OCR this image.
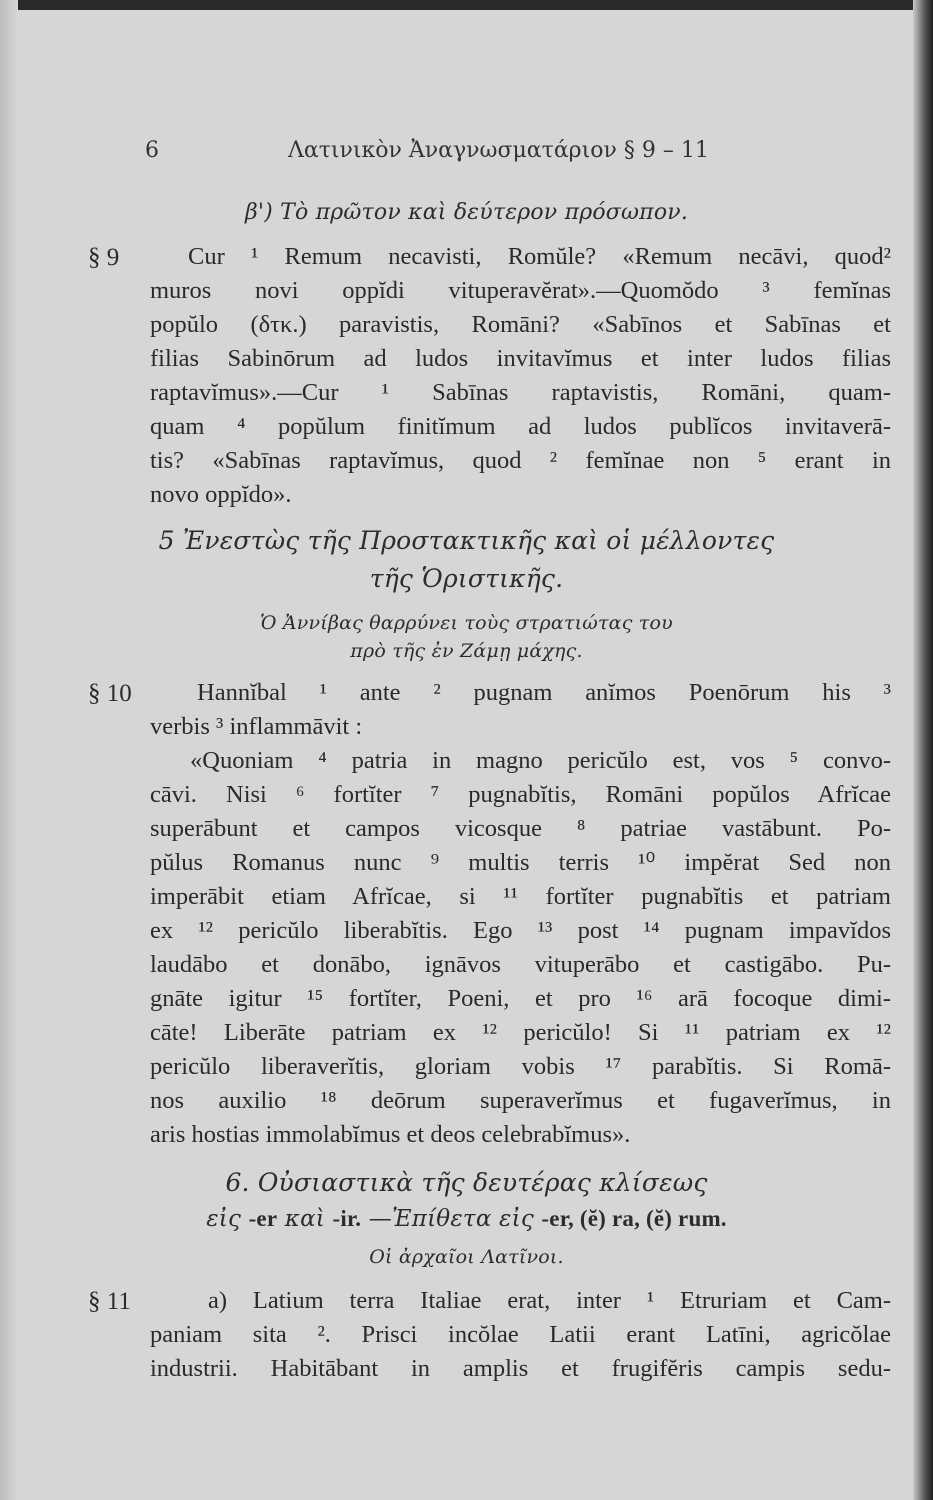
6	Λατινικὸν Ἀναγνωσματάριον § 9 – 11
β') Τὸ πρῶτον καὶ δεύτερον πρόσωπον.
§ 9	Cur ¹ Remum necavisti, Romŭle? «Remum necāvi, quod²
muros novi oppĭdi vituperavĕrat».—Quomŏdo ³ femĭnas
popŭlo (δτκ.) paravistis, Romāni? «Sabīnos et Sabīnas et
filias Sabinōrum ad ludos invitavĭmus et inter ludos filias
raptavĭmus».—Cur ¹ Sabīnas raptavistis, Romāni, quam-
quam ⁴ popŭlum finitĭmum ad ludos publĭcos invitaverā-
tis? «Sabīnas raptavĭmus, quod ² femĭnae non ⁵ erant in
novo oppĭdo».
5 Ἐνεστὼς τῆς Προστακτικῆς καὶ οἱ μέλλοντες
τῆς Ὁριστικῆς.
Ὁ Ἀννίβας θαρρύνει τοὺς στρατιώτας του
πρὸ τῆς ἐν Ζάμῃ μάχης.
§ 10	Hannĭbal ¹ ante ² pugnam anĭmos Poenōrum his ³
verbis ³ inflammāvit :
«Quoniam ⁴ patria in magno pericŭlo est, vos ⁵ convo-
cāvi. Nisi ⁶ fortĭter ⁷ pugnabĭtis, Romāni popŭlos Afrĭcae
superābunt et campos vicosque ⁸ patriae vastābunt. Po-
pŭlus Romanus nunc ⁹ multis terris ¹⁰ impĕrat Sed non
imperābit etiam Afrĭcae, si ¹¹ fortĭter pugnabĭtis et patriam
ex ¹² pericŭlo liberabĭtis. Ego ¹³ post ¹⁴ pugnam impavĭdos
laudābo et donābo, ignāvos vituperābo et castigābo. Pu-
gnāte igitur ¹⁵ fortĭter, Poeni, et pro ¹⁶ arā focoque dimi-
cāte! Liberāte patriam ex ¹² pericŭlo! Si ¹¹ patriam ex ¹²
pericŭlo liberaverĭtis, gloriam vobis ¹⁷ parabĭtis. Si Romā-
nos auxilio ¹⁸ deōrum superaverĭmus et fugaverĭmus, in
aris hostias immolabĭmus et deos celebrabĭmus».
6. Οὐσιαστικὰ τῆς δευτέρας κλίσεως
εἰς -er καὶ -ir. —Ἐπίθετα εἰς -er, (ĕ) ra, (ĕ) rum.
Οἱ ἀρχαῖοι Λατῖνοι.
§ 11	a) Latium terra Italiae erat, inter ¹ Etruriam et Cam-
paniam sita ². Prisci incŏlae Latii erant Latīni, agricŏlae
industrii. Habitābant in amplis et frugifĕris campis sedu-
